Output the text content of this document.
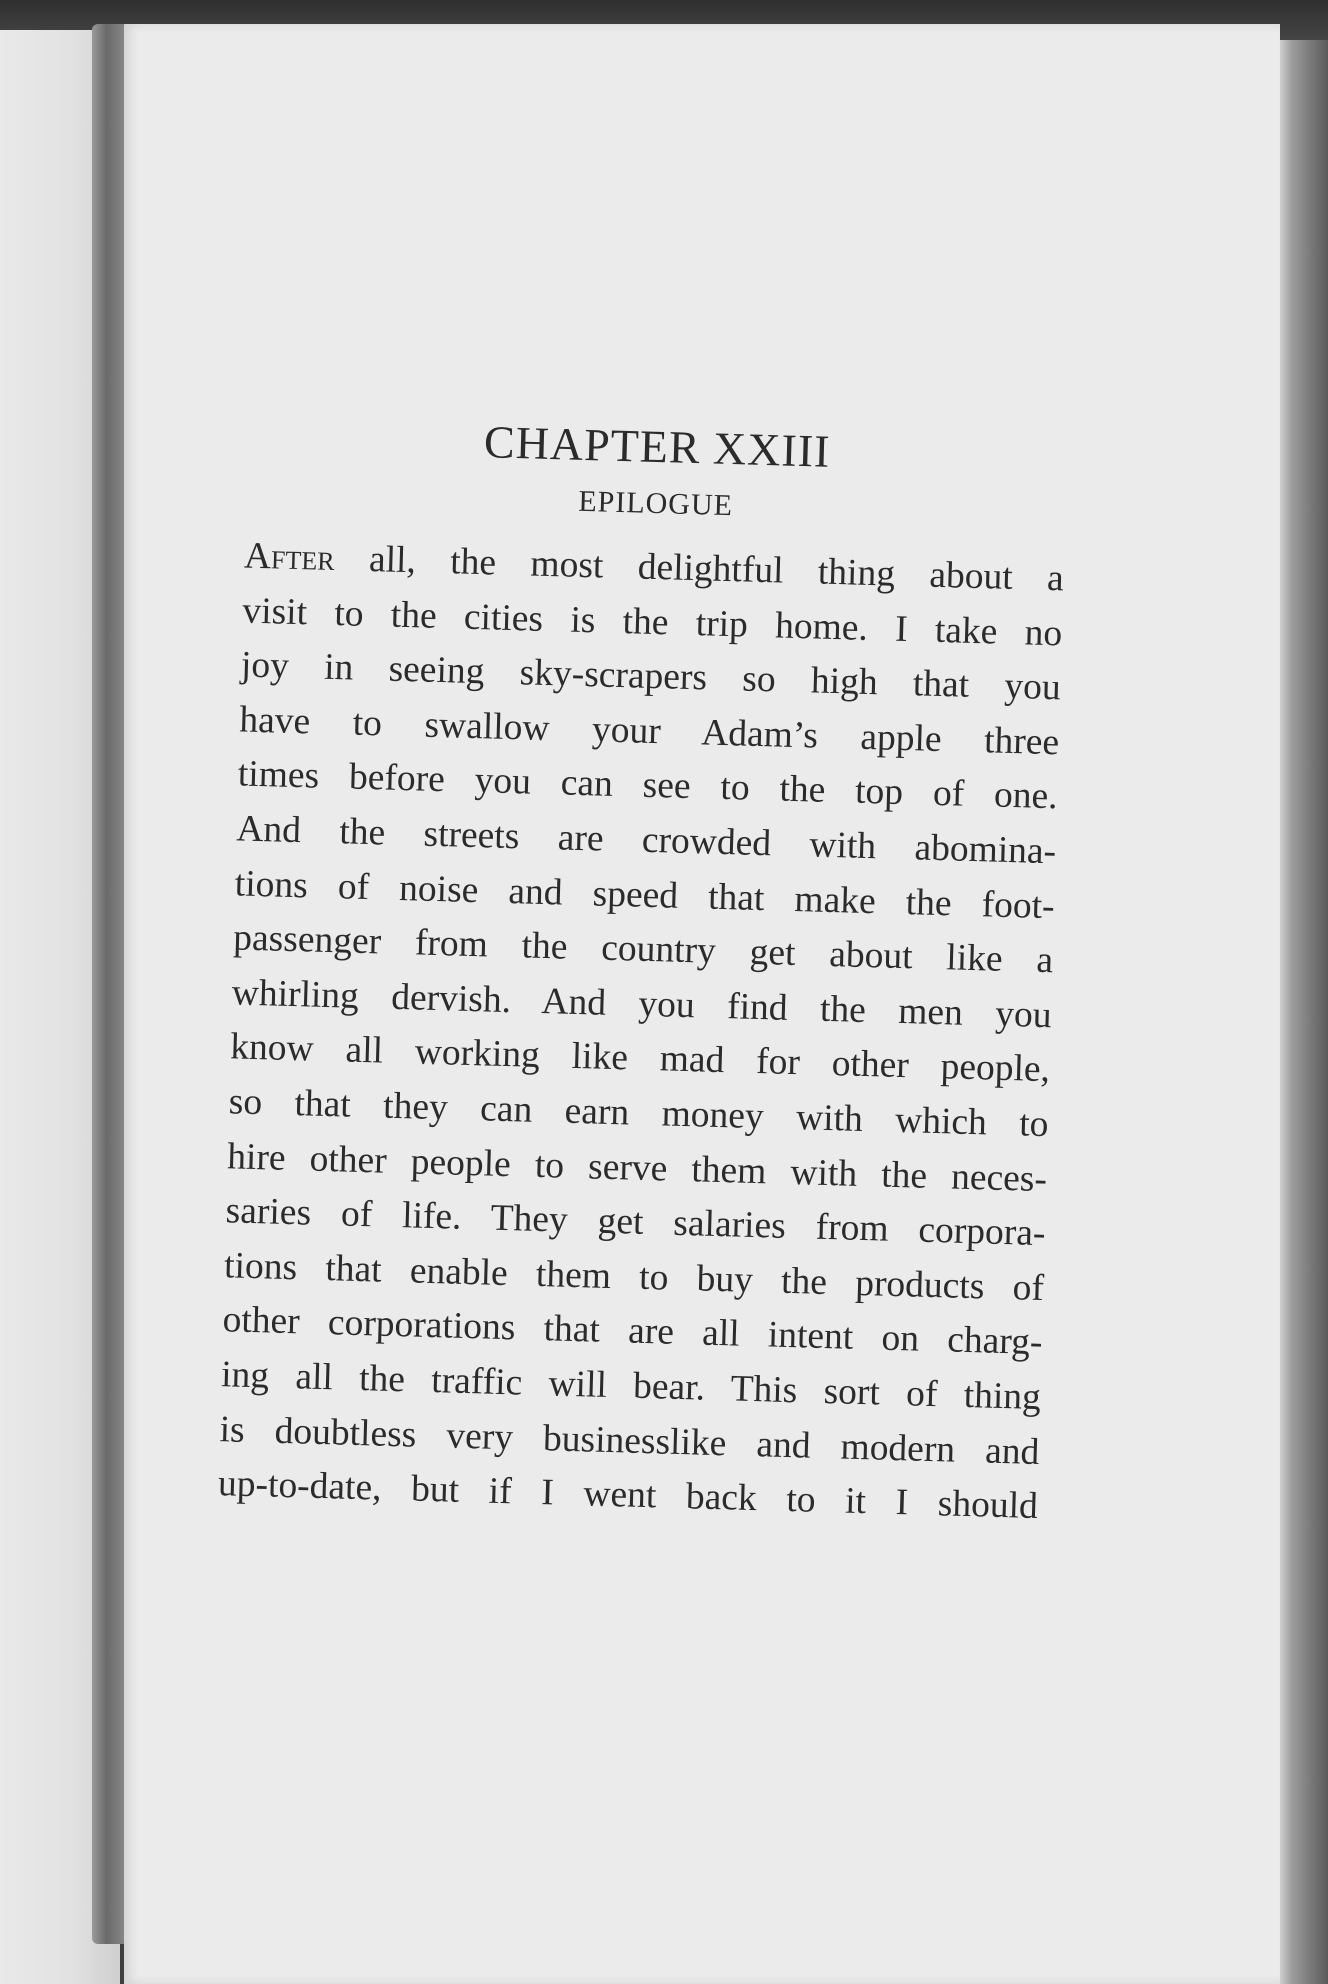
CHAPTER XXIII
EPILOGUE
After all, the most delightful thing about a
visit to the cities is the trip home. I take no
joy in seeing sky-scrapers so high that you
have to swallow your Adam’s apple three
times before you can see to the top of one.
And the streets are crowded with abomina-
tions of noise and speed that make the foot-
passenger from the country get about like a
whirling dervish. And you find the men you
know all working like mad for other people,
so that they can earn money with which to
hire other people to serve them with the neces-
saries of life. They get salaries from corpora-
tions that enable them to buy the products of
other corporations that are all intent on charg-
ing all the traffic will bear. This sort of thing
is doubtless very businesslike and modern and
up-to-date, but if I went back to it I should
